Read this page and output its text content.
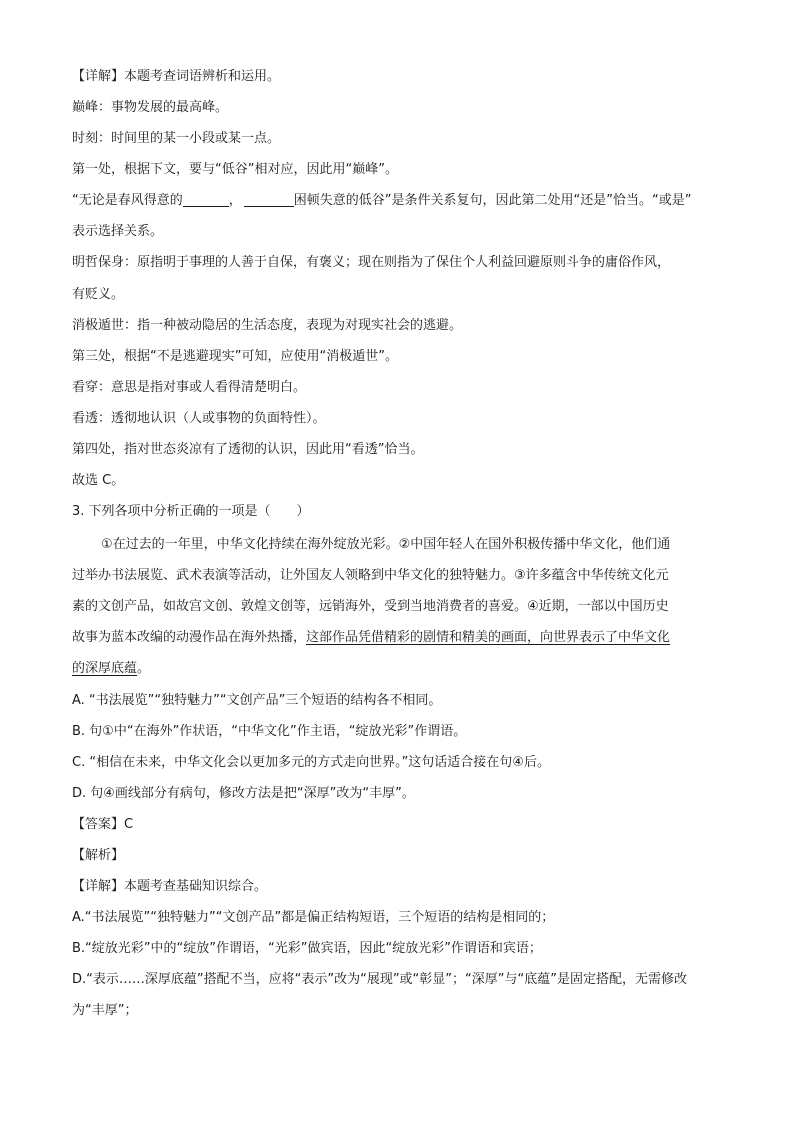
【详解】本题考查词语辨析和运用。
巅峰：事物发展的最高峰。
时刻：时间里的某一小段或某一点。
第一处，根据下文，要与“低谷”相对应，因此用“巅峰”。
“无论是春风得意的	，	困顿失意的低谷”是条件关系复句，因此第二处用“还是”恰当。“或是”
表示选择关系。
明哲保身：原指明于事理的人善于自保，有褒义；现在则指为了保住个人利益回避原则斗争的庸俗作风，
有贬义。
消极遁世：指一种被动隐居的生活态度，表现为对现实社会的逃避。
第三处，根据“不是逃避现实”可知，应使用“消极遁世”。
看穿：意思是指对事或人看得清楚明白。
看透：透彻地认识（人或事物的负面特性）。
第四处，指对世态炎凉有了透彻的认识，因此用“看透”恰当。
故选 C。
3. 下列各项中分析正确的一项是（　　）
①在过去的一年里，中华文化持续在海外绽放光彩。②中国年轻人在国外积极传播中华文化，他们通
过举办书法展览、武术表演等活动，让外国友人领略到中华文化的独特魅力。③许多蕴含中华传统文化元
素的文创产品，如故宫文创、敦煌文创等，远销海外，受到当地消费者的喜爱。④近期，一部以中国历史
故事为蓝本改编的动漫作品在海外热播，这部作品凭借精彩的剧情和精美的画面，向世界表示了中华文化
的深厚底蕴。
A. “书法展览”“独特魅力”“文创产品”三个短语的结构各不相同。
B. 句①中“在海外”作状语，“中华文化”作主语，“绽放光彩”作谓语。
C. “相信在未来，中华文化会以更加多元的方式走向世界。”这句话适合接在句④后。
D. 句④画线部分有病句，修改方法是把“深厚”改为“丰厚”。
【答案】C
【解析】
【详解】本题考查基础知识综合。
A.“书法展览”“独特魅力”“文创产品”都是偏正结构短语，三个短语的结构是相同的；
B.“绽放光彩”中的“绽放”作谓语，“光彩”做宾语，因此“绽放光彩”作谓语和宾语；
D.“表示……深厚底蕴”搭配不当，应将“表示”改为“展现”或“彰显”；“深厚”与“底蕴”是固定搭配，无需修改
为“丰厚”；
